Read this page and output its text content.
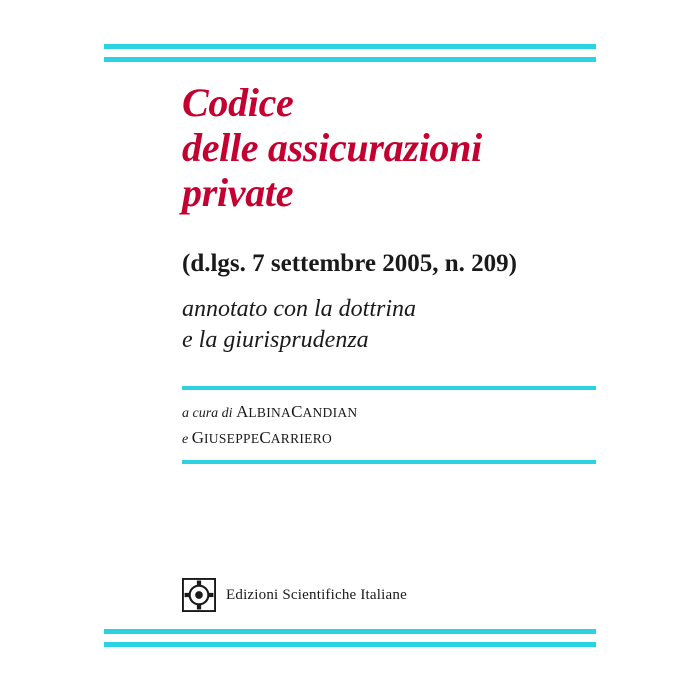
Codice
delle assicurazioni
private
(d.lgs. 7 settembre 2005, n. 209)
annotato con la dottrina
e la giurisprudenza
a cura di ALBINACANDIAN
e GIUSEPPECARRIERO
Edizioni Scientifiche Italiane
